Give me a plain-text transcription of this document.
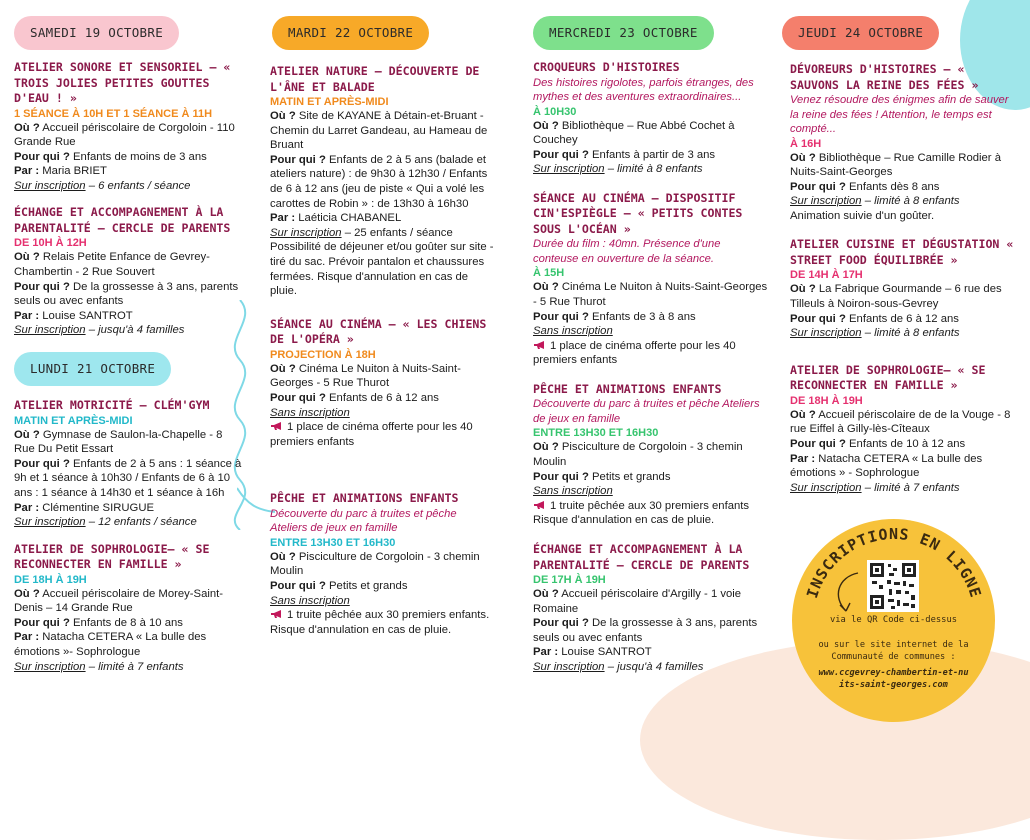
SAMEDI 19 OCTOBRE

ATELIER SONORE ET SENSORIEL – « TROIS JOLIES PETITES GOUTTES D'EAU ! »

1 SÉANCE À 10H ET 1 SÉANCE À 11H

Où ? Accueil périscolaire de Corgoloin - 110 Grande Rue

Pour qui ? Enfants de moins de 3 ans

Par : Maria BRIET

Sur inscription – 6 enfants / séance

ÉCHANGE ET ACCOMPAGNEMENT À LA PARENTALITÉ – CERCLE DE PARENTS

DE 10H À 12H

Où ? Relais Petite Enfance de Gevrey-Chambertin - 2 Rue Souvert

Pour qui ? De la grossesse à 3 ans, parents seuls ou avec enfants

Par : Louise SANTROT

Sur inscription – jusqu'à 4 familles

LUNDI 21 OCTOBRE

ATELIER MOTRICITÉ – CLÉM'GYM

MATIN ET APRÈS-MIDI

Où ? Gymnase de Saulon-la-Chapelle - 8 Rue Du Petit Essart

Pour qui ? Enfants de 2 à 5 ans : 1 séance à 9h et 1 séance à 10h30 / Enfants de 6 à 10 ans : 1 séance à 14h30 et 1 séance à 16h

Par : Clémentine SIRUGUE

Sur inscription – 12 enfants / séance

ATELIER DE SOPHROLOGIE– « SE RECONNECTER EN FAMILLE »

DE 18H À 19H

Où ? Accueil périscolaire de Morey-Saint-Denis – 14 Grande Rue

Pour qui ? Enfants de 8 à 10 ans

Par : Natacha CETERA « La bulle des émotions »- Sophrologue

Sur inscription – limité à 7 enfants

MARDI 22 OCTOBRE

ATELIER NATURE – DÉCOUVERTE DE L'ÂNE ET BALADE

MATIN ET APRÈS-MIDI

Où ? Site de KAYANE à Détain-et-Bruant - Chemin du Larret Gandeau, au Hameau de Bruant

Pour qui ? Enfants de 2 à 5 ans (balade et ateliers nature) : de 9h30 à 12h30 / Enfants de 6 à 12 ans (jeu de piste « Qui a volé les carottes de Robin » : de 13h30 à 16h30

Par : Laéticia CHABANEL

Sur inscription – 25 enfants / séance

Possibilité de déjeuner et/ou goûter sur site - tiré du sac. Prévoir pantalon et chaussures fermées. Risque d'annulation en cas de pluie.

SÉANCE AU CINÉMA – « LES CHIENS DE L'OPÉRA »

PROJECTION À 18H

Où ? Cinéma Le Nuiton à Nuits-Saint-Georges - 5 Rue Thurot

Pour qui ? Enfants de 6 à 12 ans

Sans inscription

1 place de cinéma offerte pour les 40 premiers enfants

PÊCHE ET ANIMATIONS ENFANTS

Découverte du parc à truites et pêche Ateliers de jeux en famille

ENTRE 13H30 ET 16H30

Où ? Pisciculture de Corgoloin - 3 chemin Moulin

Pour qui ? Petits et grands

Sans inscription

1 truite pêchée aux 30 premiers enfants.

Risque d'annulation en cas de pluie.

MERCREDI 23 OCTOBRE

CROQUEURS D'HISTOIRES

Des histoires rigolotes, parfois étranges, des mythes et des aventures extraordinaires...

À 10H30

Où ? Bibliothèque – Rue Abbé Cochet à Couchey

Pour qui ? Enfants à partir de 3 ans

Sur inscription – limité à 8 enfants

SÉANCE AU CINÉMA – DISPOSITIF CIN'ESPIÈGLE – « PETITS CONTES SOUS L'OCÉAN »

Durée du film : 40mn. Présence d'une conteuse en ouverture de la séance.

À 15H

Où ? Cinéma Le Nuiton à Nuits-Saint-Georges - 5 Rue Thurot

Pour qui ? Enfants de 3 à 8 ans

Sans inscription

1 place de cinéma offerte pour les 40 premiers enfants

PÊCHE ET ANIMATIONS ENFANTS

Découverte du parc à truites et pêche Ateliers de jeux en famille

ENTRE 13H30 ET 16H30

Où ? Pisciculture de Corgoloin - 3 chemin Moulin

Pour qui ? Petits et grands

Sans inscription

1 truite pêchée aux 30 premiers enfants

Risque d'annulation en cas de pluie.

ÉCHANGE ET ACCOMPAGNEMENT À LA PARENTALITÉ – CERCLE DE PARENTS

DE 17H À 19H

Où ? Accueil périscolaire d'Argilly - 1 voie Romaine

Pour qui ? De la grossesse à 3 ans, parents seuls ou avec enfants

Par : Louise SANTROT

Sur inscription – jusqu'à 4 familles

JEUDI 24 OCTOBRE

DÉVOREURS D'HISTOIRES – « SAUVONS LA REINE DES FÉES »

Venez résoudre des énigmes afin de sauver la reine des fées ! Attention, le temps est compté...

À 16H

Où ? Bibliothèque – Rue Camille Rodier à Nuits-Saint-Georges

Pour qui ? Enfants dès 8 ans

Sur inscription – limité à 8 enfants

Animation suivie d'un goûter.

ATELIER CUISINE ET DÉGUSTATION « STREET FOOD ÉQUILIBRÉE »

DE 14H À 17H

Où ? La Fabrique Gourmande – 6 rue des Tilleuls à Noiron-sous-Gevrey

Pour qui ? Enfants de 6 à 12 ans

Sur inscription – limité à 8 enfants

ATELIER DE SOPHROLOGIE– « SE RECONNECTER EN FAMILLE »

DE 18H À 19H

Où ? Accueil périscolaire de de la Vouge - 8 rue Eiffel à Gilly-lès-Cîteaux

Pour qui ? Enfants de 10 à 12 ans

Par : Natacha CETERA « La bulle des émotions » - Sophrologue

Sur inscription – limité à 7 enfants

INSCRIPTIONS EN LIGNE
via le QR Code ci-dessus
ou sur le site internet de la Communauté de communes :
www.ccgevrey-chambertin-et-nuits-saint-georges.com
